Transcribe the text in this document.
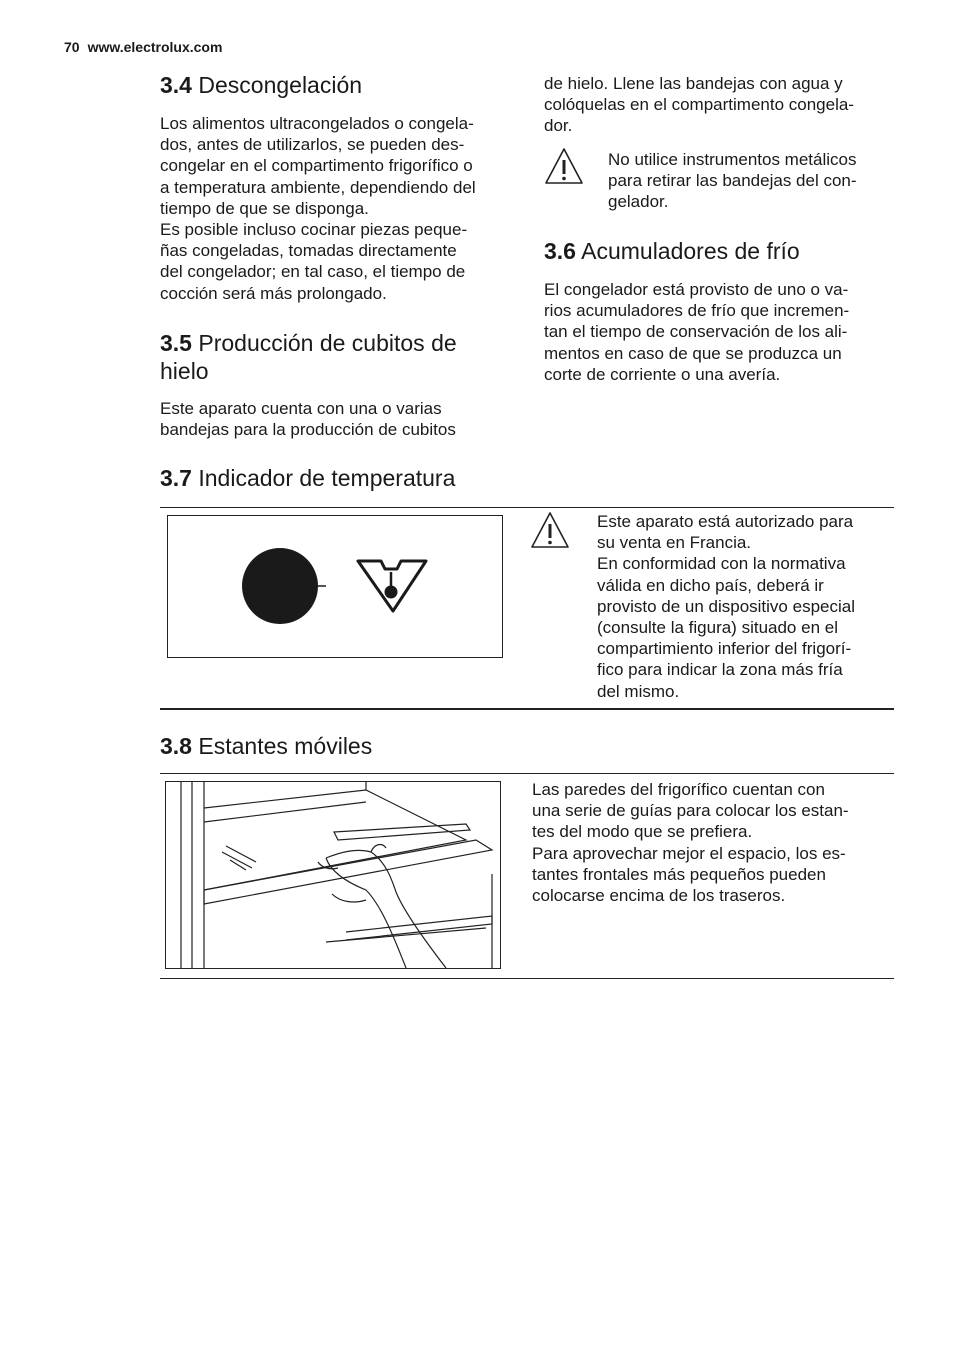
70 www.electrolux.com
3.4 Descongelación
Los alimentos ultracongelados o congela-
dos, antes de utilizarlos, se pueden des-
congelar en el compartimento frigorífico o
a temperatura ambiente, dependiendo del
tiempo de que se disponga.
Es posible incluso cocinar piezas peque-
ñas congeladas, tomadas directamente
del congelador; en tal caso, el tiempo de
cocción será más prolongado.
3.5 Producción de cubitos de
hielo
Este aparato cuenta con una o varias
bandejas para la producción de cubitos
de hielo. Llene las bandejas con agua y
colóquelas en el compartimento congela-
dor.
No utilice instrumentos metálicos
para retirar las bandejas del con-
gelador.
3.6 Acumuladores de frío
El congelador está provisto de uno o va-
rios acumuladores de frío que incremen-
tan el tiempo de conservación de los ali-
mentos en caso de que se produzca un
corte de corriente o una avería.
3.7 Indicador de temperatura
Este aparato está autorizado para
su venta en Francia.
En conformidad con la normativa
válida en dicho país, deberá ir
provisto de un dispositivo especial
(consulte la figura) situado en el
compartimiento inferior del frigorí-
fico para indicar la zona más fría
del mismo.
3.8 Estantes móviles
Las paredes del frigorífico cuentan con
una serie de guías para colocar los estan-
tes del modo que se prefiera.
Para aprovechar mejor el espacio, los es-
tantes frontales más pequeños pueden
colocarse encima de los traseros.
